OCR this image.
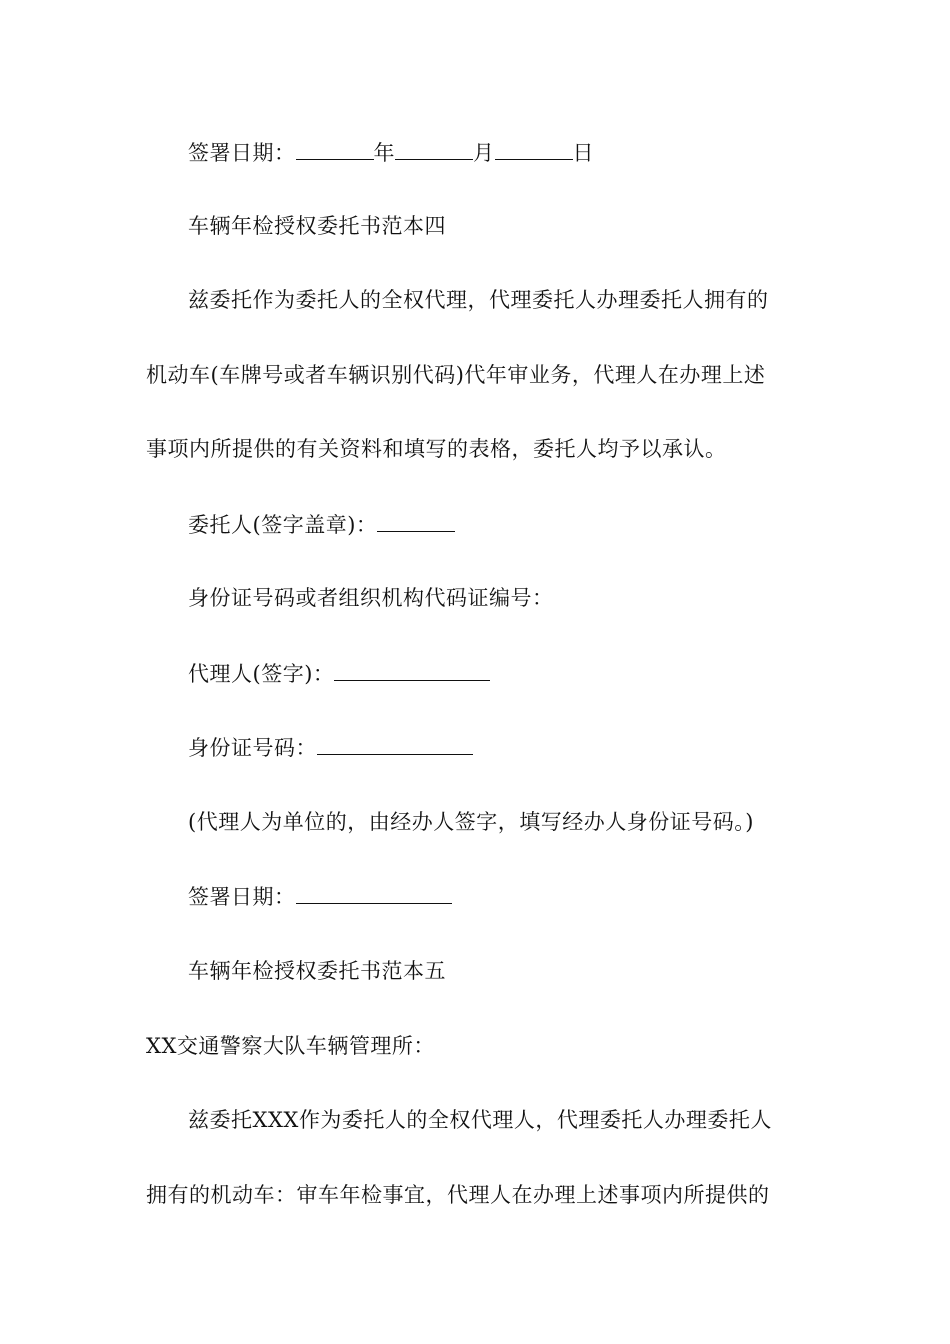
签署日期：	年	月	日
车辆年检授权委托书范本四
兹委托作为委托人的全权代理，代理委托人办理委托人拥有的
机动车(车牌号或者车辆识别代码)代年审业务，代理人在办理上述
事项内所提供的有关资料和填写的表格，委托人均予以承认。
委托人(签字盖章)：
身份证号码或者组织机构代码证编号：
代理人(签字)：
身份证号码：
(代理人为单位的，由经办人签字，填写经办人身份证号码。)
签署日期：
车辆年检授权委托书范本五
XX交通警察大队车辆管理所：
兹委托XXX作为委托人的全权代理人，代理委托人办理委托人
拥有的机动车：审车年检事宜，代理人在办理上述事项内所提供的
